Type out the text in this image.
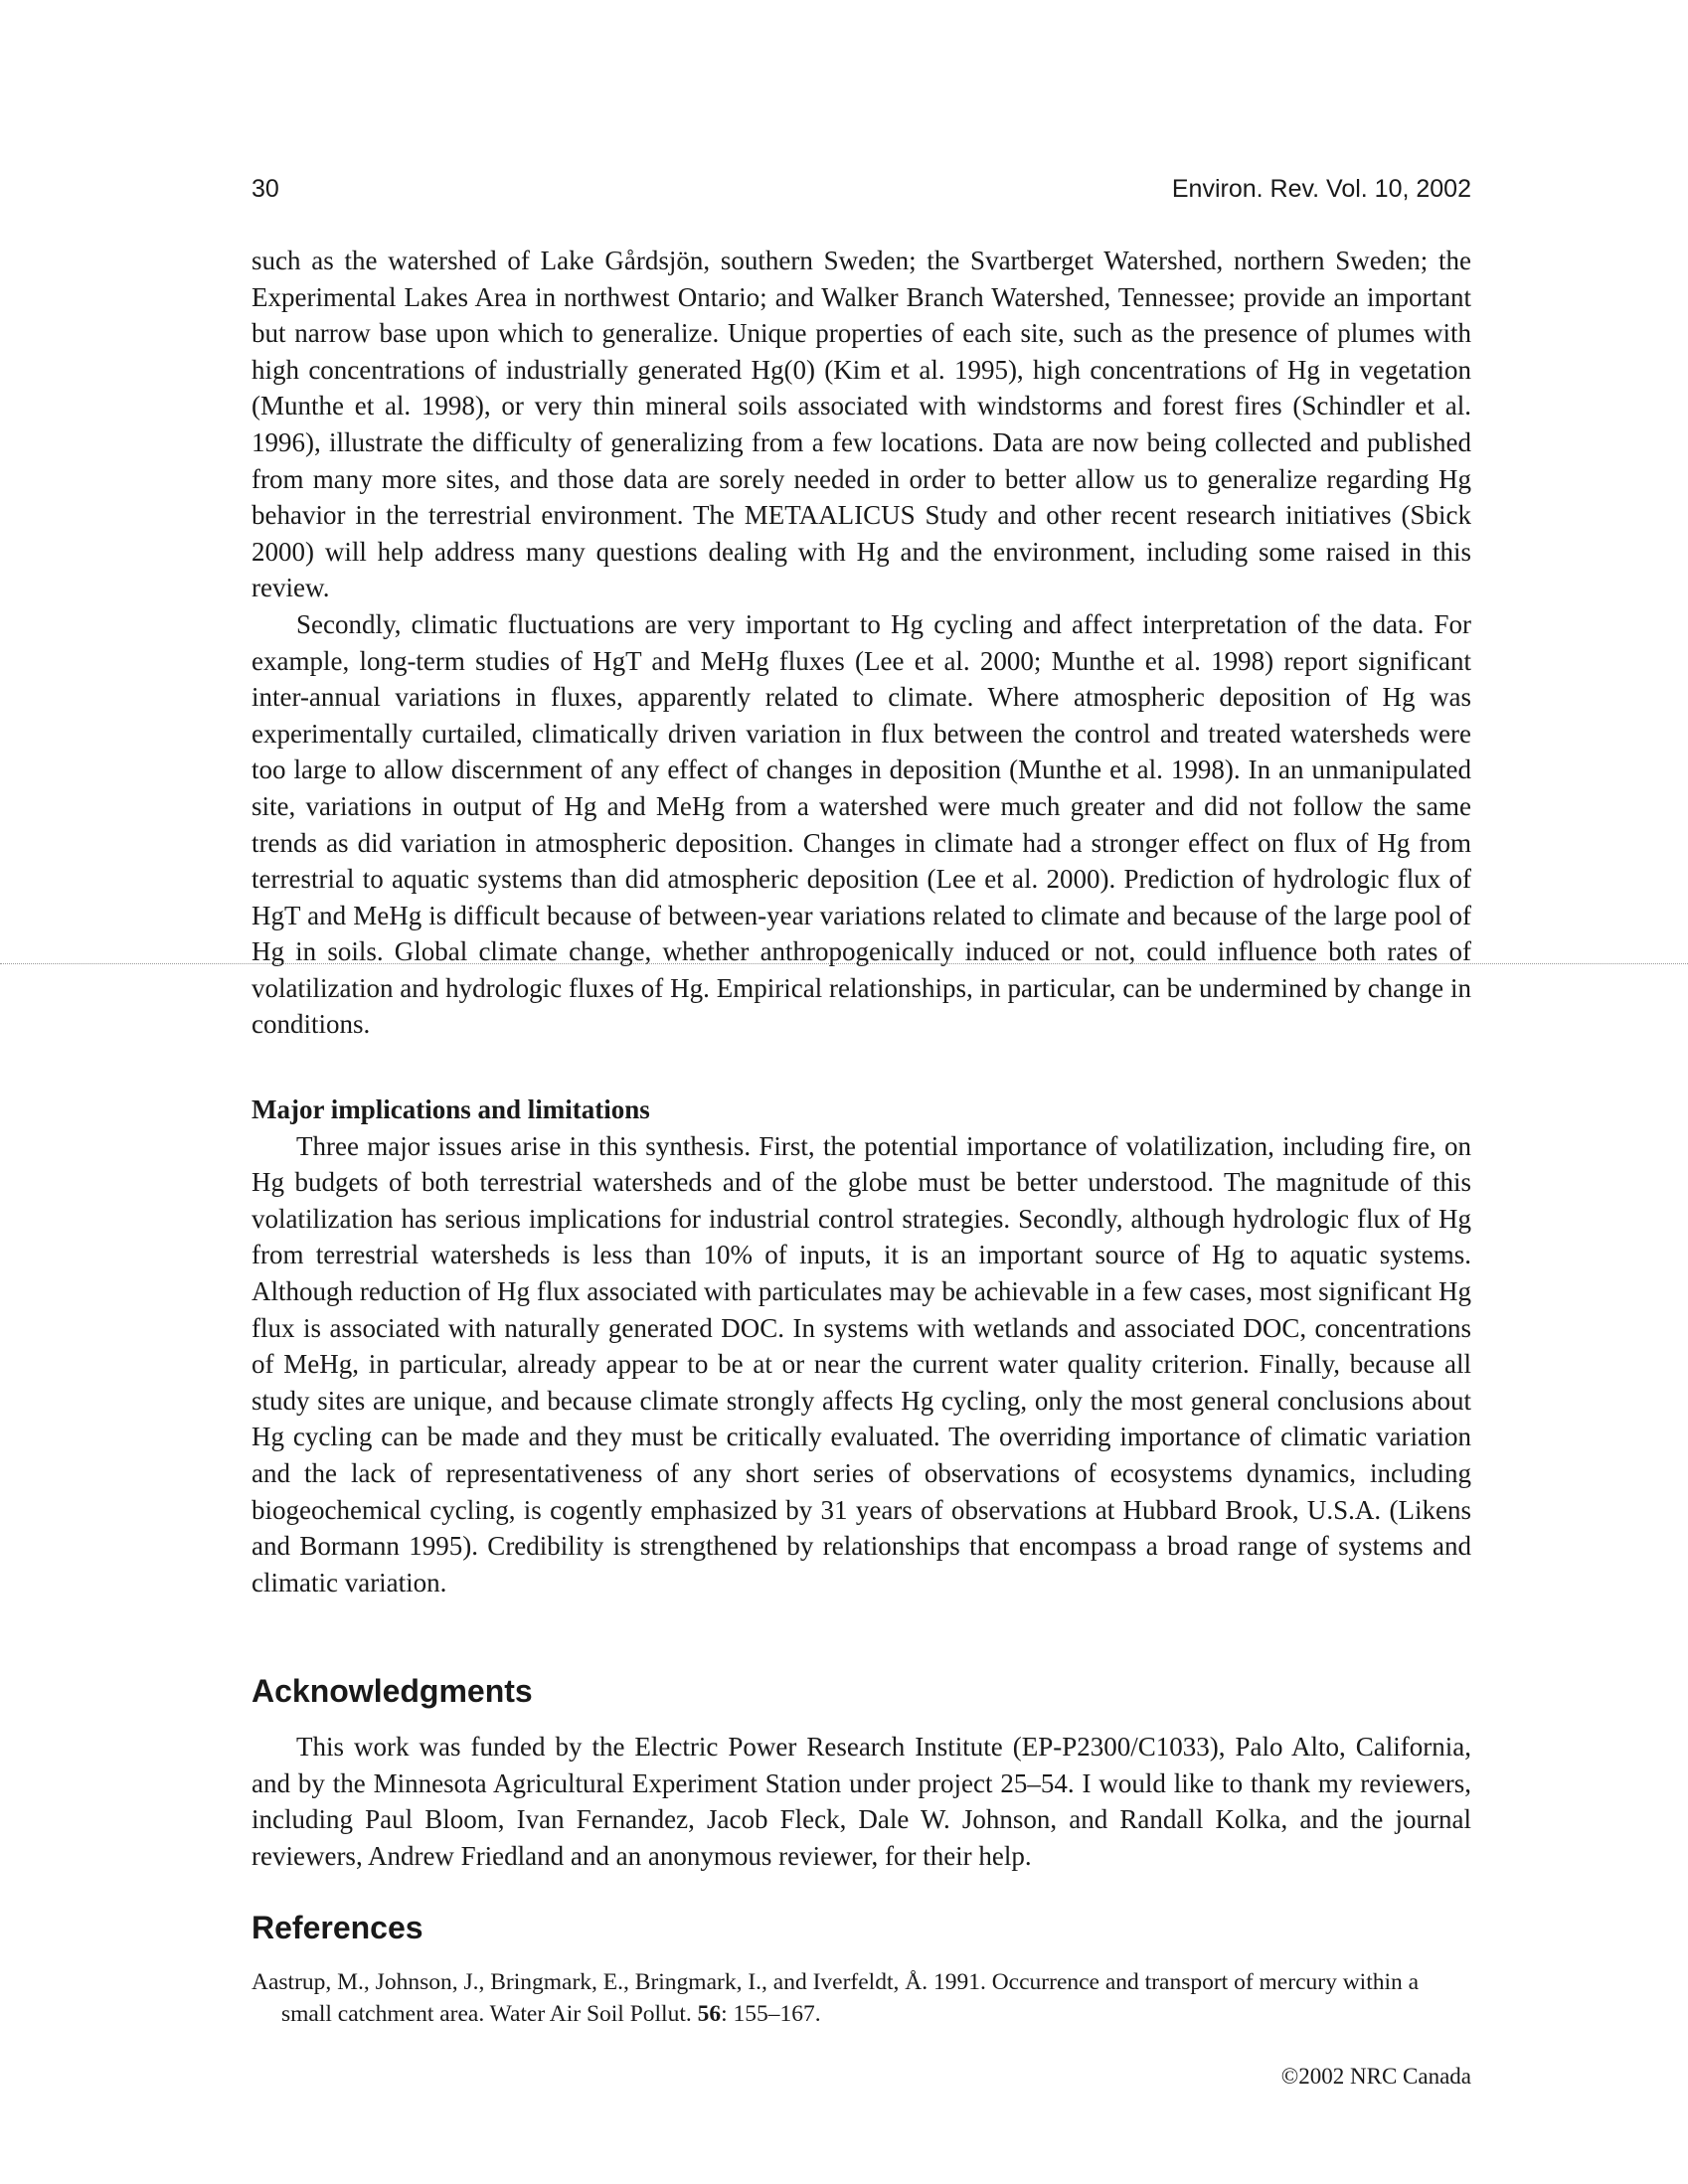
30	Environ. Rev. Vol. 10, 2002

such as the watershed of Lake Gårdsjön, southern Sweden; the Svartberget Watershed, northern Sweden; the Experimental Lakes Area in northwest Ontario; and Walker Branch Watershed, Tennessee; provide an important but narrow base upon which to generalize. Unique properties of each site, such as the presence of plumes with high concentrations of industrially generated Hg(0) (Kim et al. 1995), high concentrations of Hg in vegetation (Munthe et al. 1998), or very thin mineral soils associated with windstorms and forest fires (Schindler et al. 1996), illustrate the difficulty of generalizing from a few locations. Data are now being collected and published from many more sites, and those data are sorely needed in order to better allow us to generalize regarding Hg behavior in the terrestrial environment. The METAALICUS Study and other recent research initiatives (Sbick 2000) will help address many questions dealing with Hg and the environment, including some raised in this review.

Secondly, climatic fluctuations are very important to Hg cycling and affect interpretation of the data. For example, long-term studies of HgT and MeHg fluxes (Lee et al. 2000; Munthe et al. 1998) report significant inter-annual variations in fluxes, apparently related to climate. Where atmospheric deposition of Hg was experimentally curtailed, climatically driven variation in flux between the control and treated watersheds were too large to allow discernment of any effect of changes in deposition (Munthe et al. 1998). In an unmanipulated site, variations in output of Hg and MeHg from a watershed were much greater and did not follow the same trends as did variation in atmospheric deposition. Changes in climate had a stronger effect on flux of Hg from terrestrial to aquatic systems than did atmospheric deposition (Lee et al. 2000). Prediction of hydrologic flux of HgT and MeHg is difficult because of between-year variations related to climate and because of the large pool of Hg in soils. Global climate change, whether anthropogenically induced or not, could influence both rates of volatilization and hydrologic fluxes of Hg. Empirical relationships, in particular, can be undermined by change in conditions.

Major implications and limitations

Three major issues arise in this synthesis. First, the potential importance of volatilization, including fire, on Hg budgets of both terrestrial watersheds and of the globe must be better understood. The magnitude of this volatilization has serious implications for industrial control strategies. Secondly, although hydrologic flux of Hg from terrestrial watersheds is less than 10% of inputs, it is an important source of Hg to aquatic systems. Although reduction of Hg flux associated with particulates may be achievable in a few cases, most significant Hg flux is associated with naturally generated DOC. In systems with wetlands and associated DOC, concentrations of MeHg, in particular, already appear to be at or near the current water quality criterion. Finally, because all study sites are unique, and because climate strongly affects Hg cycling, only the most general conclusions about Hg cycling can be made and they must be critically evaluated. The overriding importance of climatic variation and the lack of representativeness of any short series of observations of ecosystems dynamics, including biogeochemical cycling, is cogently emphasized by 31 years of observations at Hubbard Brook, U.S.A. (Likens and Bormann 1995). Credibility is strengthened by relationships that encompass a broad range of systems and climatic variation.

Acknowledgments

This work was funded by the Electric Power Research Institute (EP-P2300/C1033), Palo Alto, California, and by the Minnesota Agricultural Experiment Station under project 25–54. I would like to thank my reviewers, including Paul Bloom, Ivan Fernandez, Jacob Fleck, Dale W. Johnson, and Randall Kolka, and the journal reviewers, Andrew Friedland and an anonymous reviewer, for their help.

References

Aastrup, M., Johnson, J., Bringmark, E., Bringmark, I., and Iverfeldt, Å. 1991. Occurrence and transport of mercury within a small catchment area. Water Air Soil Pollut. 56: 155–167.

©2002 NRC Canada
